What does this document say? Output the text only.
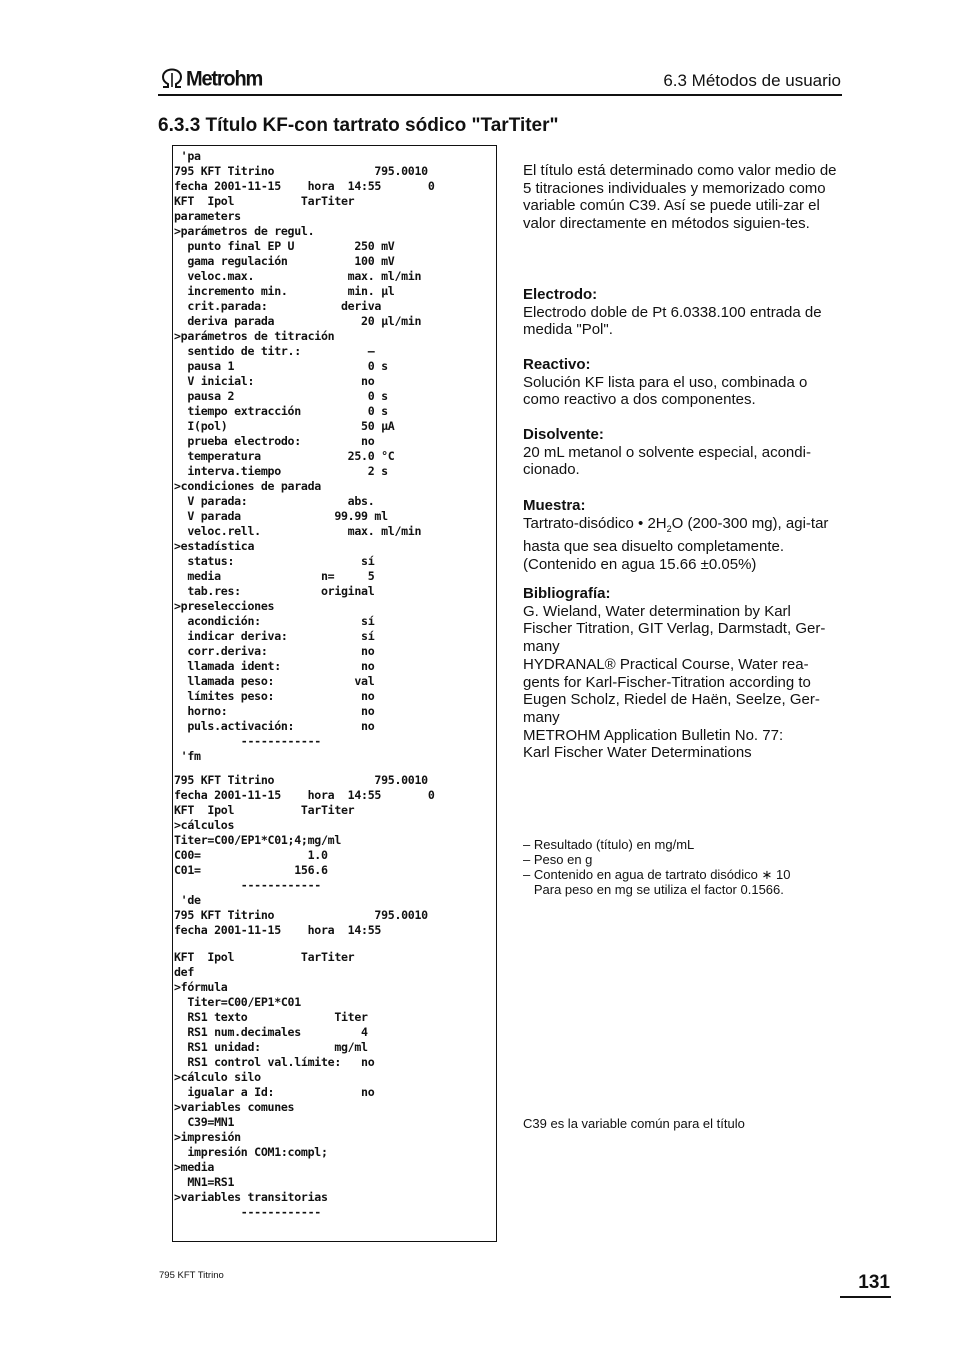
Metrohm	6.3 Métodos de usuario
6.3.3 Título KF-con tartrato sódico "TarTiter"
'pa
795 KFT Titrino               795.0010
fecha 2001-11-15    hora  14:55       0
KFT  Ipol          TarTiter
parameters
>parámetros de regul.
punto final EP U         250 mV
gama regulación          100 mV
veloc.max.              max. ml/min
incremento min.         min. µl
crit.parada:           deriva
deriva parada             20 µl/min
>parámetros de titración
sentido de titr.:          –
pausa 1                    0 s
V inicial:                no
pausa 2                    0 s
tiempo extracción          0 s
I(pol)                    50 µA
prueba electrodo:         no
temperatura             25.0 °C
interva.tiempo             2 s
>condiciones de parada
V parada:               abs.
V parada              99.99 ml
veloc.rell.             max. ml/min
>estadística
status:                   sí
media               n=     5
tab.res:            original
>preselecciones
acondición:               sí
indicar deriva:           sí
corr.deriva:              no
llamada ident:            no
llamada peso:            val
límites peso:             no
horno:                    no
puls.activación:          no
------------
'fm
795 KFT Titrino               795.0010
fecha 2001-11-15    hora  14:55       0
KFT  Ipol          TarTiter
>cálculos
Titer=C00/EP1*C01;4;mg/ml
C00=                1.0
C01=              156.6
------------
'de
795 KFT Titrino               795.0010
fecha 2001-11-15    hora  14:55
KFT  Ipol          TarTiter
def
>fórmula
Titer=C00/EP1*C01
RS1 texto             Titer
RS1 num.decimales         4
RS1 unidad:           mg/ml
RS1 control val.límite:   no
>cálculo silo
igualar a Id:             no
>variables comunes
C39=MN1
>impresión
impresión COM1:compl;
>media
MN1=RS1
>variables transitorias
------------

El título está determinado como valor medio de 5 titraciones individuales y memorizado como variable común C39. Así se puede utili-zar el valor directamente en métodos siguien-tes.

Electrodo:

Electrodo doble de Pt 6.0338.100 entrada de medida "Pol".

Reactivo:

Solución KF lista para el uso, combinada o como reactivo a dos componentes.

Disolvente:

20 mL metanol o solvente especial, acondi-cionado.

Muestra:

Tartrato-disódico • $2H_2O$ (200-300 mg), agi-tar hasta que sea disuelto completamente. (Contenido en agua 15.66 ±0.05%)

Bibliografía:

G. Wieland, Water determination by Karl Fischer Titration, GIT Verlag, Darmstadt, Ger-many

HYDRANAL® Practical Course, Water rea-gents for Karl-Fischer-Titration according to Eugen Scholz, Riedel de Haën, Seelze, Ger-many

METROHM Application Bulletin No. 77:

Karl Fischer Water Determinations

– Resultado (título) en mg/mL
– Peso en g
– Contenido en agua de tartrato disódico ∗ 10
Para peso en mg se utiliza el factor 0.1566.
C39 es la variable común para el título
795 KFT Titrino	131
